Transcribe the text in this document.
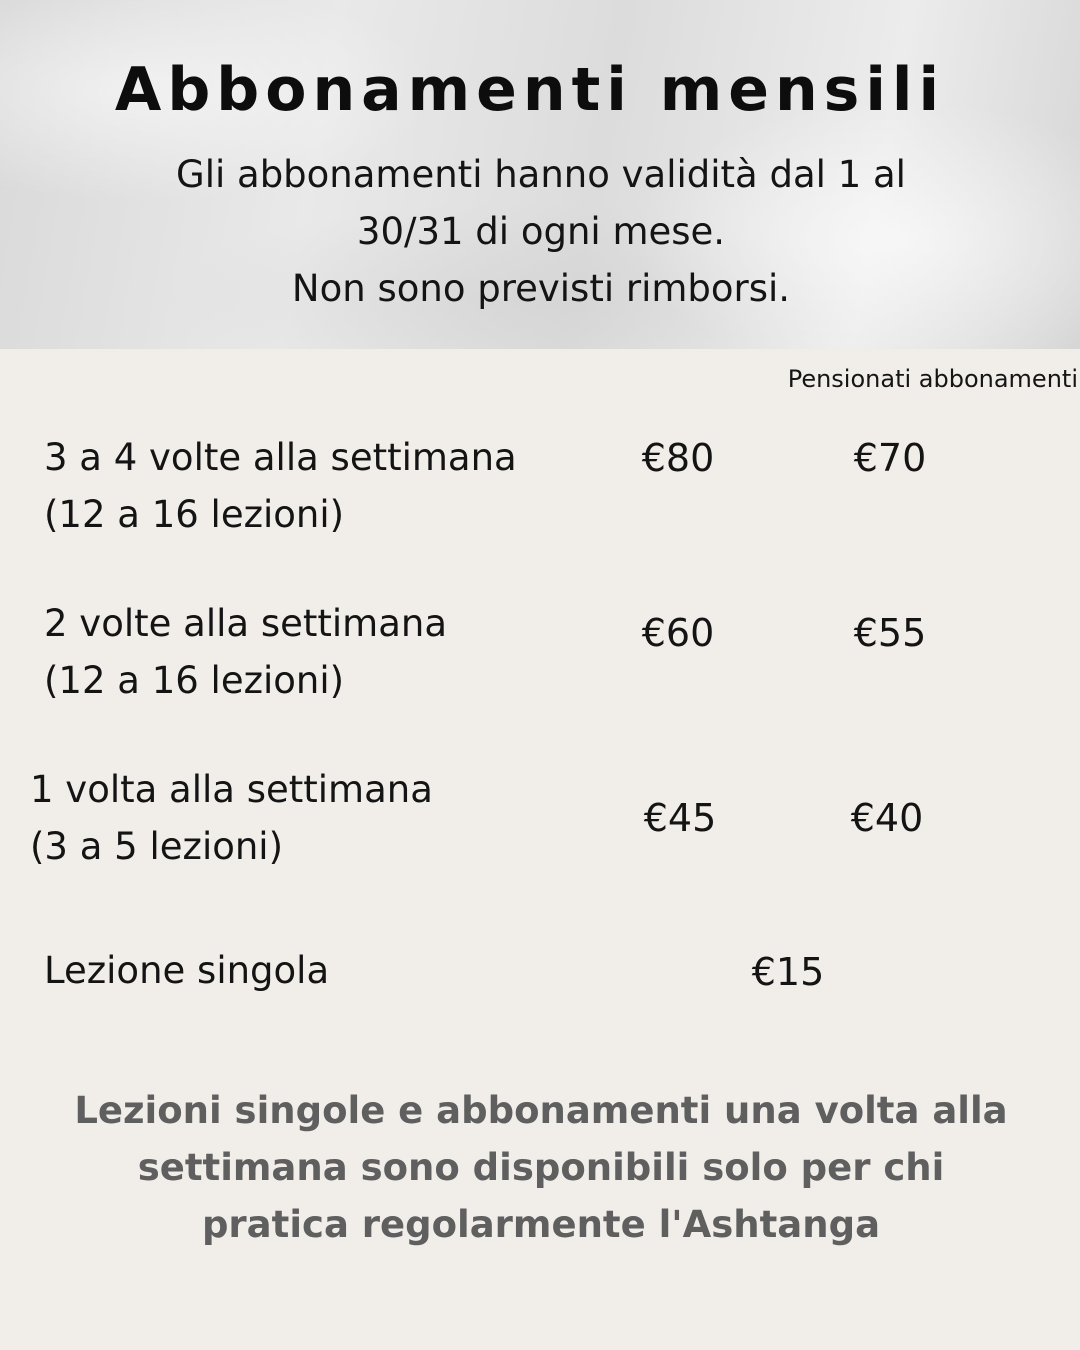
Abbonamenti mensili
Gli abbonamenti hanno validità dal 1 al
30/31 di ogni mese.
Non sono previsti rimborsi.
Pensionati abbonamenti
3 a 4 volte alla settimana
(12 a 16 lezioni)
€80	€70
2 volte alla settimana
(12 a 16 lezioni)
€60	€55
1 volta alla settimana
(3 a 5 lezioni)
€45	€40
Lezione singola	€15
Lezioni singole e abbonamenti una volta alla
settimana sono disponibili solo per chi
pratica regolarmente l'Ashtanga
